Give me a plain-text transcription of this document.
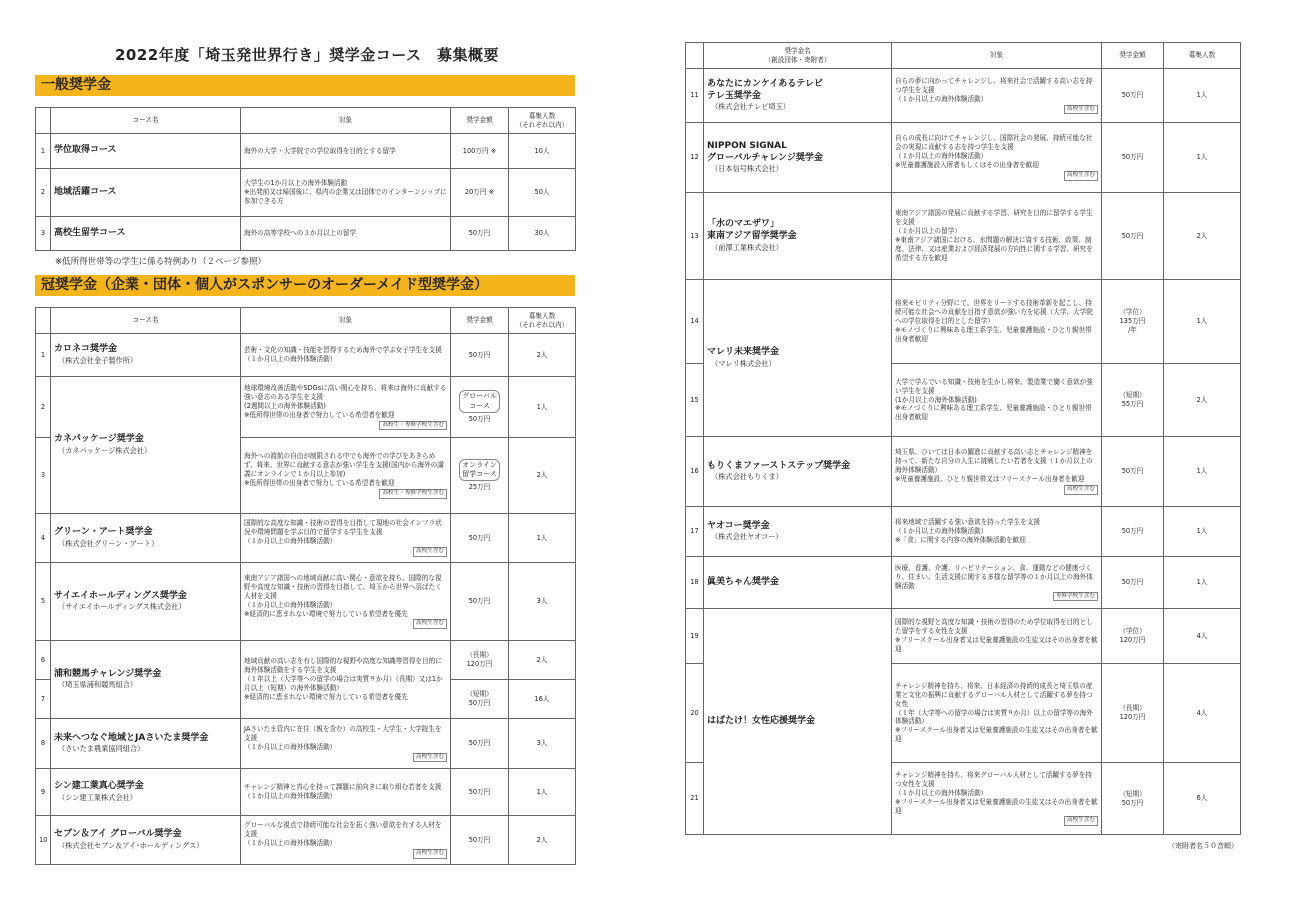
2022年度「埼玉発世界行き」奨学金コース　募集概要
一般奨学金
	コース名	対象	奨学金額	募集人数
（それぞれ以内）
1	学位取得コース	海外の大学・大学院での学位取得を目的とする留学	100万円 ※	10人
2	地域活躍コース	大学生の1か月以上の海外体験活動
※出発前又は帰国後に、県内の企業又は団体でのインターンシップに参加できる方	20万円 ※	50人
3	高校生留学コース	海外の高等学校への３か月以上の留学	50万円	30人
※低所得世帯等の学生に係る特例あり（２ページ参照）
冠奨学金（企業・団体・個人がスポンサーのオーダーメイド型奨学金）
	コース名	対象	奨学金額	募集人数
（それぞれ以内）
1	カロネコ奨学金
（株式会社金子製作所）	芸術・文化の知識・技能を習得するため海外で学ぶ女子学生を支援
（１か月以上の海外体験活動）	50万円	2人
2	カネパッケージ奨学金
（カネパッケージ株式会社）	地球環境改善活動やSDGsに高い関心を持ち、将来は海外に貢献する強い意志のある学生を支援
(2週間以上の海外体験活動)
※低所得世帯の出身者で努力している希望者を歓迎
高校生・専修学校生含む	グローバル
コース
50万円	1人
3		海外への渡航の自由が制限される中でも海外での学びをあきらめず、将来、世界に貢献する意志が強い学生を支援(国内から海外の講義にオンラインで１か月以上参加)
※低所得世帯の出身者で努力している希望者を歓迎
高校生・専修学校生含む	オンライン
留学コース
25万円	2人
4	グリーン・アート奨学金
（株式会社グリーン・アート）	国際的な高度な知識・技術の習得を目指して現地の社会インフラ状況や環境問題を学ぶ目的で留学する学生を支援
（１か月以上の海外体験活動）
高校生含む	50万円	1人
5	サイエイホールディングス奨学金
（サイエイホールディングス株式会社）	東南アジア諸国への地域貢献に高い関心・意欲を持ち、国際的な視野や高度な知識・技術の習得を目指して、埼玉から世界へ羽ばたく人材を支援
（１か月以上の海外体験活動）
※経済的に恵まれない環境で努力している希望者を優先
高校生含む	50万円	3人
6	浦和競馬チャレンジ奨学金
（埼玉県浦和競馬組合）	地域貢献の高い志を有し国際的な視野や高度な知識等習得を目的に海外体験活動をする学生を支援
（１年以上（大学等への留学の場合は実質９か月）（長期）又は1か月以上（短期）の海外体験活動）
※経済的に恵まれない環境で努力している希望者を優先	（長期）
120万円	2人
7			（短期）
50万円	16人
8	未来へつなぐ地域とJAさいたま奨学金
（さいたま農業協同組合）	JAさいたま管内に在住（親を含む）の高校生・大学生・大学院生を支援
（１か月以上の海外体験活動）
高校生含む	50万円	3人
9	シン建工業真心奨学金
（シン建工業株式会社）	チャレンジ精神と真心を持って課題に前向きに取り組む若者を支援
（１か月以上の海外体験活動）	50万円	1人
10	セブン＆アイ グローバル奨学金
（株式会社セブン＆アイ･ホールディングス）	グローバルな視点で持続可能な社会を拓く強い意欲を有する人材を支援
（１か月以上の海外体験活動）
高校生含む	50万円	2人
	奨学金名
（創設団体・寄附者）	対象	奨学金額	募集人数
11	あなたにカンケイあるテレビ
テレ玉奨学金
（株式会社テレビ埼玉）	自らの夢に向かってチャレンジし、将来社会で活躍する高い志を持つ学生を支援
（１か月以上の海外体験活動）
高校生含む	50万円	1人
12	NIPPON SIGNAL
グローバルチャレンジ奨学金
（日本信号株式会社）	自らの成長に向けてチャレンジし、国際社会の発展、持続可能な社会の実現に貢献する志を持つ学生を支援
（１か月以上の海外体験活動）
※児童養護施設入所者もしくはその出身者を歓迎
高校生含む	50万円	1人
13	「水のマエザワ」
東南アジア留学奨学金
（前澤工業株式会社）	東南アジア諸国の発展に貢献する学習、研究を目的に留学する学生を支援
（１か月以上の留学）
※東南アジア諸国における、水問題の解決に資する技術、政策、制度、法律、又は産業および経済発展の方向性に関する学習、研究を希望する方を歓迎	50万円	2人
14	マレリ未来奨学金
（マレリ株式会社）	将来モビリティ分野にて、世界をリードする技術革新を起こし、持続可能な社会への貢献を目指す意欲が強い方を応援（大学、大学院への学位取得を目的とした留学）
※モノづくりに興味ある理工系学生、児童養護施設・ひとり親世帯出身者歓迎	（学位）
135万円
/年	1人
15		大学で学んでいる知識・技術を生かし将来、製造業で働く意欲が強い学生を支援
(1か月以上の海外体験活動)
※モノづくりに興味ある理工系学生、児童養護施設・ひとり親世帯出身者歓迎	（短期）
55万円	2人
16	もりくまファーストステップ奨学金
（株式会社もりくま）	埼玉県、ひいては日本の躍進に貢献する高い志とチャレンジ精神を持って、新たな自分の人生に挑戦したい若者を支援（１か月以上の海外体験活動）
※児童養護施設、ひとり親世帯又はフリースクール出身者を歓迎
高校生含む	50万円	1人
17	ヤオコー奨学金
（株式会社ヤオコー）	将来地域で活躍する強い意欲を持った学生を支援
（１か月以上の海外体験活動）
※「食」に関する内容の海外体験活動を歓迎	50万円	1人
18	眞美ちゃん奨学金	医療、看護、介護、リハビリテーション、食、運動などの健康づくり、住まい、生活支援に関する多様な留学等の１か月以上の海外体験活動
専修学校生含む	50万円	1人
19	はばたけ！女性応援奨学金	国際的な視野と高度な知識・技術の習得のため学位取得を目的とした留学をする女性を支援
※フリースクール出身者又は児童養護施設の生徒又はその出身者を歓迎	（学位）
120万円	4人
20		チャレンジ精神を持ち、将来、日本経済の持続的成長と埼玉県の産業と文化の振興に貢献するグローバル人材として活躍する夢を持つ女性
（１年（大学等への留学の場合は実質９か月）以上の留学等の海外体験活動）
※フリースクール出身者又は児童養護施設の生徒又はその出身者を歓迎	（長期）
120万円	4人
21		チャレンジ精神を持ち、将来グローバル人材として活躍する夢を持つ女性を支援
（１か月以上の海外体験活動）
※フリースクール出身者又は児童養護施設の生徒又はその出身者を歓迎
高校生含む	（短期）
50万円	6人
（寄附者名５０音順）
